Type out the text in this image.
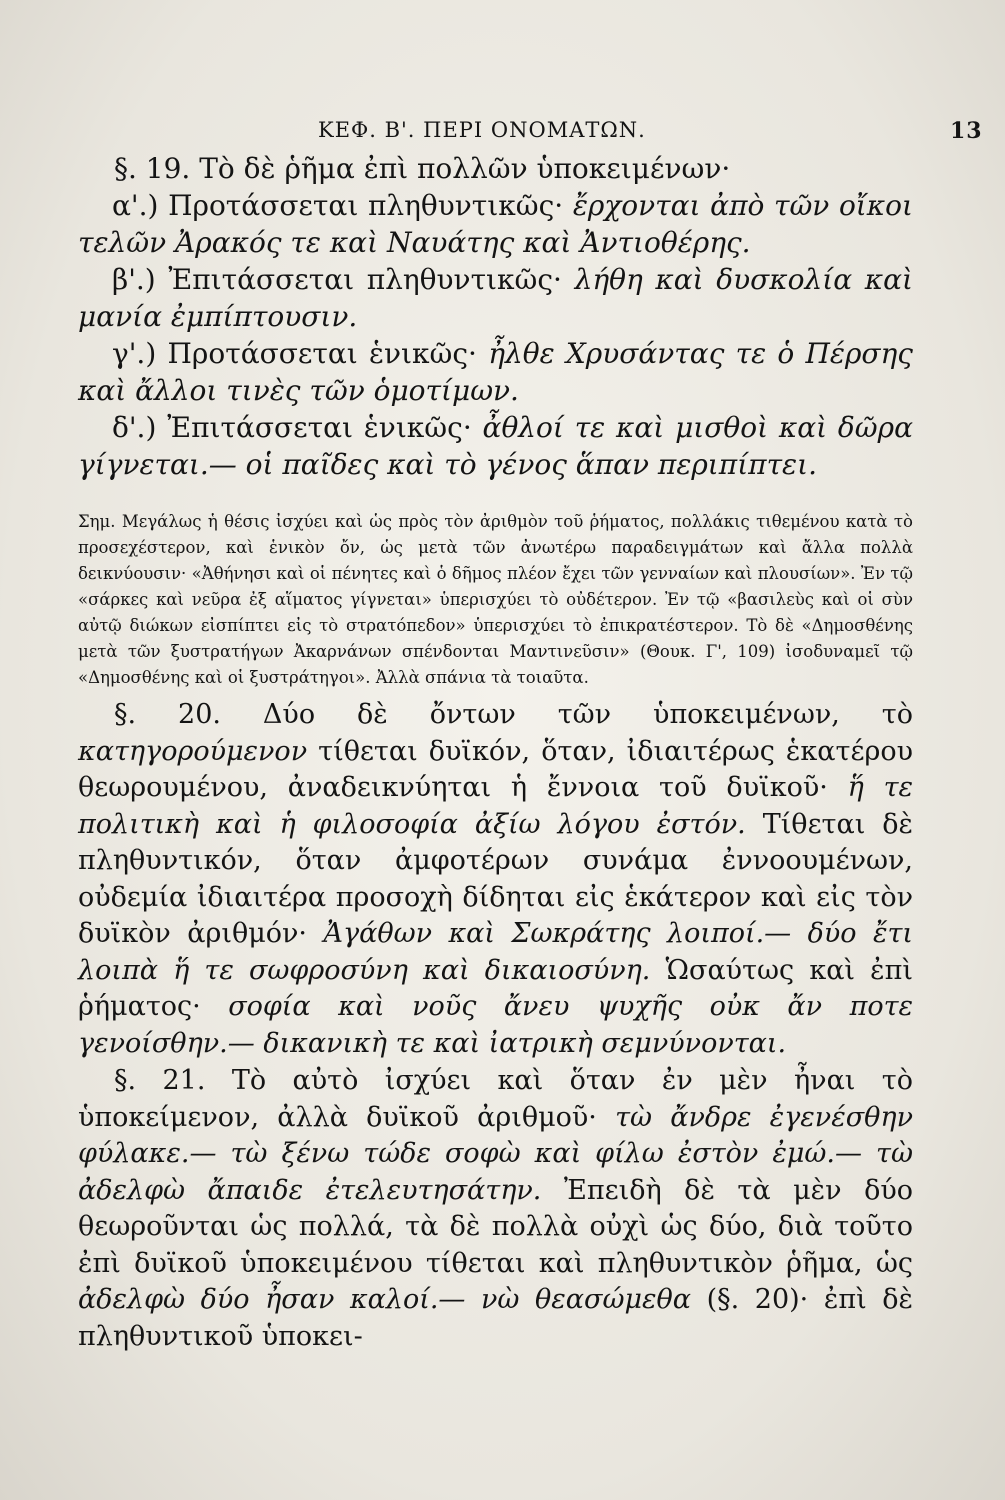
ΚΕΦ. Β'. ΠΕΡΙ ΟΝΟΜΑΤΩΝ.	13

§. 19. Τὸ δὲ ῥῆμα ἐπὶ πολλῶν ὑποκειμένων·

α'.) Προτάσσεται πληθυντικῶς· ἔρχονται ἀπὸ τῶν οἴκοι τελῶν Ἀρακός τε καὶ Ναυάτης καὶ Ἀντιοθέρης.

β'.) Ἐπιτάσσεται πληθυντικῶς· λήθη καὶ δυσκολία καὶ μανία ἐμπίπτουσιν.

γ'.) Προτάσσεται ἑνικῶς· ἦλθε Χρυσάντας τε ὁ Πέρσης καὶ ἄλλοι τινὲς τῶν ὁμοτίμων.

δ'.) Ἐπιτάσσεται ἑνικῶς· ἆθλοί τε καὶ μισθοὶ καὶ δῶρα γίγνεται.— οἱ παῖδες καὶ τὸ γένος ἅπαν περιπίπτει.

Σημ. Μεγάλως ἡ θέσις ἰσχύει καὶ ὡς πρὸς τὸν ἀριθμὸν τοῦ ῥήματος, πολλάκις τιθεμένου κατὰ τὸ προσεχέστερον, καὶ ἑνικὸν ὄν, ὡς μετὰ τῶν ἀνωτέρω παραδειγμάτων καὶ ἄλλα πολλὰ δεικνύουσιν· «Ἀθήνησι καὶ οἱ πένητες καὶ ὁ δῆμος πλέον ἔχει τῶν γενναίων καὶ πλουσίων». Ἐν τῷ «σάρκες καὶ νεῦρα ἐξ αἵματος γίγνεται» ὑπερισχύει τὸ οὐδέτερον. Ἐν τῷ «βασιλεὺς καὶ οἱ σὺν αὐτῷ διώκων εἰσπίπτει εἰς τὸ στρατόπεδον» ὑπερισχύει τὸ ἐπικρατέστερον. Τὸ δὲ «Δημοσθένης μετὰ τῶν ξυστρατήγων Ἀκαρνάνων σπένδονται Μαντινεῦσιν» (Θουκ. Γ', 109) ἰσοδυναμεῖ τῷ «Δημοσθένης καὶ οἱ ξυστράτηγοι». Ἀλλὰ σπάνια τὰ τοιαῦτα.

§. 20. Δύο δὲ ὄντων τῶν ὑποκειμένων, τὸ κατηγορούμενον τίθεται δυϊκόν, ὅταν, ἰδιαιτέρως ἑκατέρου θεωρουμένου, ἀναδεικνύηται ἡ ἔννοια τοῦ δυϊκοῦ· ἥ τε πολιτικὴ καὶ ἡ φιλοσοφία ἀξίω λόγου ἐστόν. Τίθεται δὲ πληθυντικόν, ὅταν ἀμφοτέρων συνάμα ἐννοουμένων, οὐδεμία ἰδιαιτέρα προσοχὴ δίδηται εἰς ἑκάτερον καὶ εἰς τὸν δυϊκὸν ἀριθμόν· Ἀγάθων καὶ Σωκράτης λοιποί.— δύο ἔτι λοιπὰ ἥ τε σωφροσύνη καὶ δικαιοσύνη. Ὡσαύτως καὶ ἐπὶ ῥήματος· σοφία καὶ νοῦς ἄνευ ψυχῆς οὐκ ἄν ποτε γενοίσθην.— δικανικὴ τε καὶ ἰατρικὴ σεμνύνονται.

§. 21. Τὸ αὐτὸ ἰσχύει καὶ ὅταν ἐν μὲν ἦναι τὸ ὑποκείμενον, ἀλλὰ δυϊκοῦ ἀριθμοῦ· τὼ ἄνδρε ἐγενέσθην φύλακε.— τὼ ξένω τώδε σοφὼ καὶ φίλω ἐστὸν ἐμώ.— τὼ ἀδελφὼ ἄπαιδε ἐτελευτησάτην. Ἐπειδὴ δὲ τὰ μὲν δύο θεωροῦνται ὡς πολλά, τὰ δὲ πολλὰ οὐχὶ ὡς δύο, διὰ τοῦτο ἐπὶ δυϊκοῦ ὑποκειμένου τίθεται καὶ πληθυντικὸν ῥῆμα, ὡς ἀδελφὼ δύο ἦσαν καλοί.— νὼ θεασώμεθα (§. 20)· ἐπὶ δὲ πληθυντικοῦ ὑποκει-
